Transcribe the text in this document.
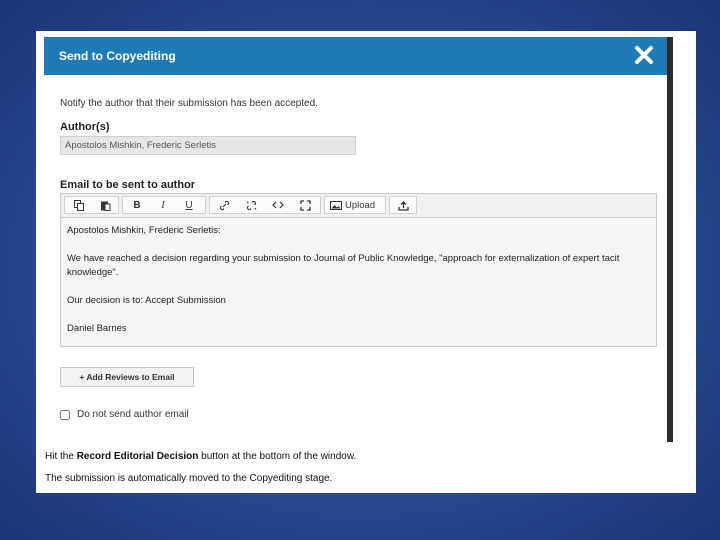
Send to Copyediting
Notify the author that their submission has been accepted.
Author(s)
Apostolos Mishkin, Frederic Serletis
Email to be sent to author
B I U	Upload

Apostolos Mishkin, Frederic Serletis:

We have reached a decision regarding your submission to Journal of Public Knowledge, "approach for externalization of expert tacit knowledge".

Our decision is to: Accept Submission

Daniel Barnes

+ Add Reviews to Email
Do not send author email
Hit the Record Editorial Decision button at the bottom of the window.
The submission is automatically moved to the Copyediting stage.
